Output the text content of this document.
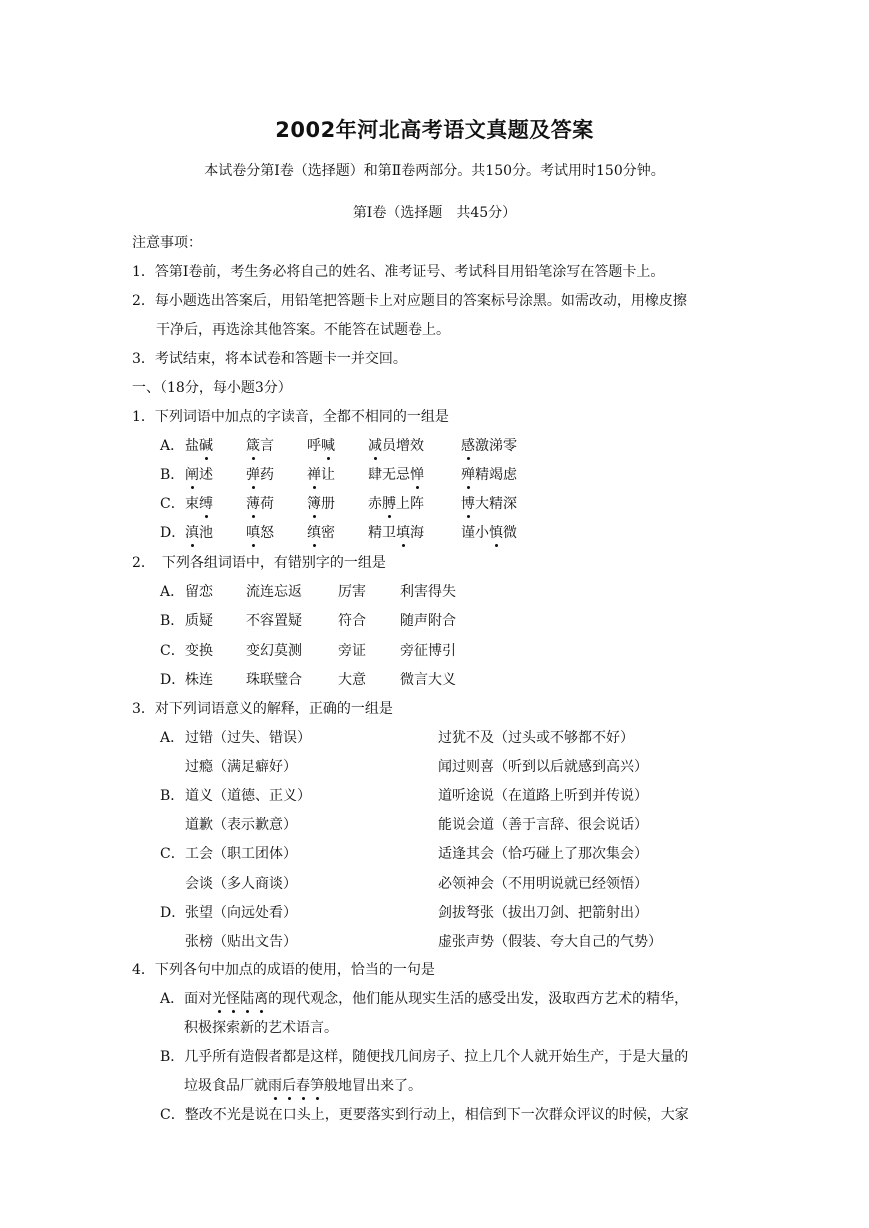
2002年河北高考语文真题及答案
本试卷分第Ⅰ卷（选择题）和第Ⅱ卷两部分。共150分。考试用时150分钟。
第Ⅰ卷（选择题　共45分）
注意事项：
1．答第Ⅰ卷前，考生务必将自己的姓名、准考证号、考试科目用铅笔涂写在答题卡上。
2．每小题选出答案后，用铅笔把答题卡上对应题目的答案标号涂黑。如需改动，用橡皮擦
干净后，再选涂其他答案。不能答在试题卷上。
3．考试结束，将本试卷和答题卡一并交回。
一、（18分，每小题3分）
1．下列词语中加点的字读音，全都不相同的一组是
A． 盐碱 箴言 呼喊 减员增效	感激涕零
B． 阐述 弹药 禅让 肆无忌惮	殚精竭虑
C． 束缚 薄荷 簿册 赤膊上阵	博大精深
D． 滇池 嗔怒 缜密 精卫填海	谨小慎微
2．　下列各组词语中，有错别字的一组是
A． 留恋 流连忘返	厉害 利害得失
B． 质疑 不容置疑	符合 随声附合
C． 变换 变幻莫测	旁证 旁征博引
D． 株连 珠联璧合	大意 微言大义
3．对下列词语意义的解释，正确的一组是
A． 过错（过失、错误）	过犹不及（过头或不够都不好）
过瘾（满足癖好）	闻过则喜（听到以后就感到高兴）
B． 道义（道德、正义）	道听途说（在道路上听到并传说）
道歉（表示歉意）	能说会道（善于言辞、很会说话）
C． 工会（职工团体）	适逢其会（恰巧碰上了那次集会）
会谈（多人商谈）	必领神会（不用明说就已经领悟）
D． 张望（向远处看）	剑拔弩张（拔出刀剑、把箭射出）
张榜（贴出文告）	虚张声势（假装、夸大自己的气势）
4．下列各句中加点的成语的使用，恰当的一句是
A．面对光怪陆离的现代观念，他们能从现实生活的感受出发，汲取西方艺术的精华，
积极探索新的艺术语言。
B．几乎所有造假者都是这样，随便找几间房子、拉上几个人就开始生产，于是大量的
垃圾食品厂就雨后春笋般地冒出来了。
C．整改不光是说在口头上，更要落实到行动上，相信到下一次群众评议的时候，大家
